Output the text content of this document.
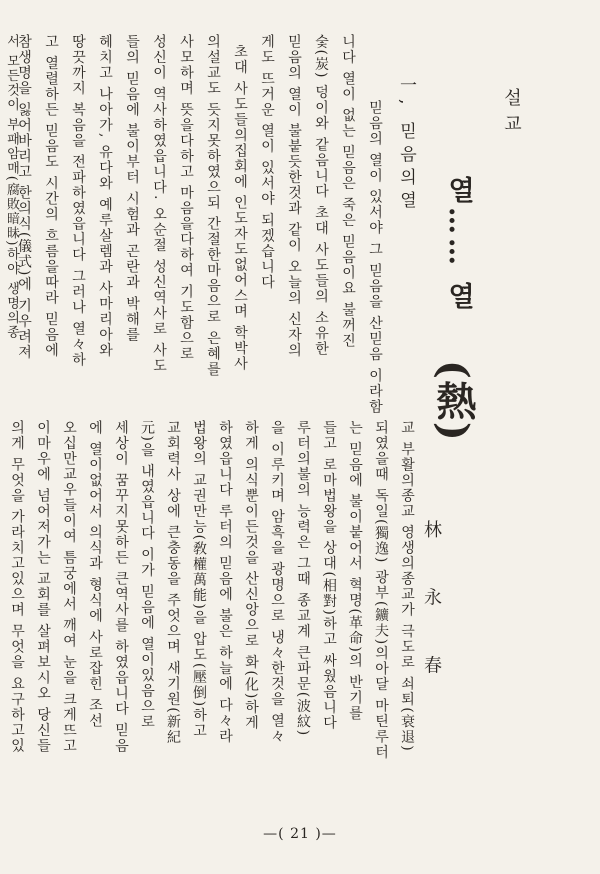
설교
열…… 열
(熱)
林 永 春
一, 믿음의열
믿음의 열이 있서야 그 믿음을 산믿음 이라함
니다 열이 없는 믿음은 죽은 믿음이요 불꺼진
숯(炭) 덩이와 같음니다 초대 사도들의 소유한
믿음의 열이 불붙듯한것과 같이 오늘의 신자의
게도 뜨거운 열이 있서야 되겠습니다
초대 사도들의집회에 인도자도없어스며 학박사
의설교도 듯지못하였으되 간절한마음으로 은혜를
사모하며 뜻을다하고 마음을다하여 기도함으로
성신이 역사하였읍니다. 오순절 성신역사로 사도
들의 믿음에 불이부터 시험과 곤란과 박해를
헤치고 나아가, 유다와 예루살렘과 사마리아와
땅끗까지 복음을 전파하였읍니다 그러나 열々하
고 열렬하든 믿음도 시간의 흐름을따라 믿음에
참생명을 잃어바리고 한의식(儀式)에 기우려져
서 모든것이 부패암매(腐敗暗昧)하야 생명의종
교 부활의종교 영생의종교가 극도로 쇠퇴(衰退)
되였을때 독일(獨逸) 광부(鑛夫)의아달 마틴루터
는 믿음에 불이붙어서 혁명(革命)의 반기를
들고 로마법왕을 상대(相對)하고 싸웠음니다
루터의불의 능력은 그때 종교계 큰파문(波紋)
을 이루키며 암흑을 광명으로 냉々한것을 열々
하게 의식뿐이든것을 산신앙으로 화(化)하게
하였읍니다 루터의 믿음에 불은 하늘에 다々라
법왕의 교권만능(敎權萬能)을 압도(壓倒)하고
교회력사 상에 큰충동을 주엇으며 새기원(新紀
元)을 내였읍니다 이가 믿음에 열이있음으로
세상이 꿈꾸지못하든 큰역사를 하였읍니다 믿음
에 열이없어서 의식과 형식에 사로잡힌 조선
오십만교우들이여 틈궁에서 깨여 눈을 크게뜨고
이마우에 넘어저가는 교회를 살펴보시오 당신들
의게 무엇을 가라치고있으며 무엇을 요구하고있
—( 21 )—
